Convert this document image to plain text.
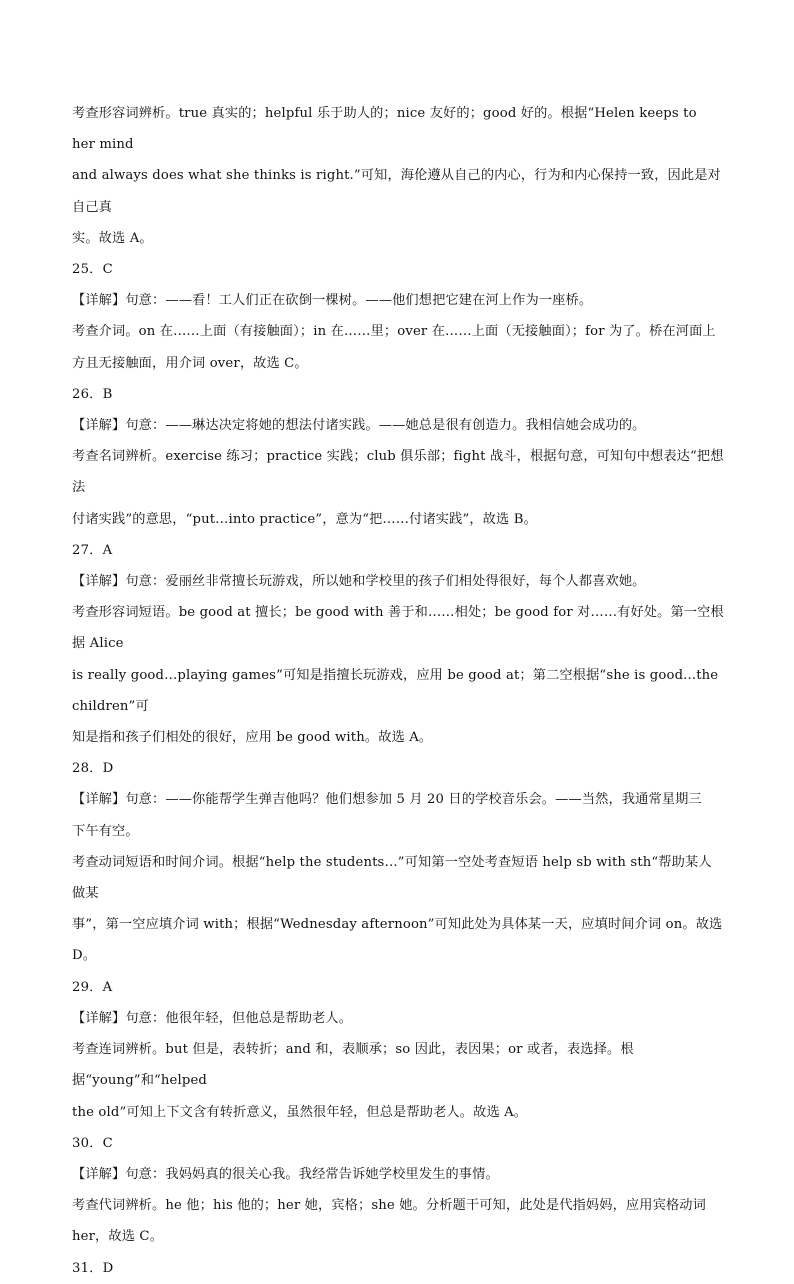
考查形容词辨析。true 真实的；helpful 乐于助人的；nice 友好的；good 好的。根据“Helen keeps to her mind

and always does what she thinks is right.”可知，海伦遵从自己的内心，行为和内心保持一致，因此是对自己真

实。故选 A。

25．C

【详解】句意：——看！工人们正在砍倒一棵树。——他们想把它建在河上作为一座桥。

考查介词。on 在……上面（有接触面）；in 在……里；over 在……上面（无接触面）；for 为了。桥在河面上

方且无接触面，用介词 over，故选 C。

26．B

【详解】句意：——琳达决定将她的想法付诸实践。——她总是很有创造力。我相信她会成功的。

考查名词辨析。exercise 练习；practice 实践；club 俱乐部；fight 战斗，根据句意，可知句中想表达“把想法

付诸实践”的意思，“put…into practice”，意为“把……付诸实践”，故选 B。

27．A

【详解】句意：爱丽丝非常擅长玩游戏，所以她和学校里的孩子们相处得很好，每个人都喜欢她。

考查形容词短语。be good at 擅长；be good with 善于和……相处；be good for 对……有好处。第一空根据 Alice

is really good…playing games”可知是指擅长玩游戏，应用 be good at；第二空根据“she is good...the children”可

知是指和孩子们相处的很好，应用 be good with。故选 A。

28．D

【详解】句意：——你能帮学生弹吉他吗？他们想参加 5 月 20 日的学校音乐会。——当然，我通常星期三

下午有空。

考查动词短语和时间介词。根据“help the students…”可知第一空处考查短语 help sb with sth“帮助某人做某

事”，第一空应填介词 with；根据“Wednesday afternoon”可知此处为具体某一天，应填时间介词 on。故选 D。

29．A

【详解】句意：他很年轻，但他总是帮助老人。

考查连词辨析。but 但是，表转折；and 和，表顺承；so 因此，表因果；or 或者，表选择。根据“young”和“helped

the old”可知上下文含有转折意义，虽然很年轻，但总是帮助老人。故选 A。

30．C

【详解】句意：我妈妈真的很关心我。我经常告诉她学校里发生的事情。

考查代词辨析。he 他；his 他的；her 她，宾格；she 她。分析题干可知，此处是代指妈妈，应用宾格动词

her，故选 C。

31．D
